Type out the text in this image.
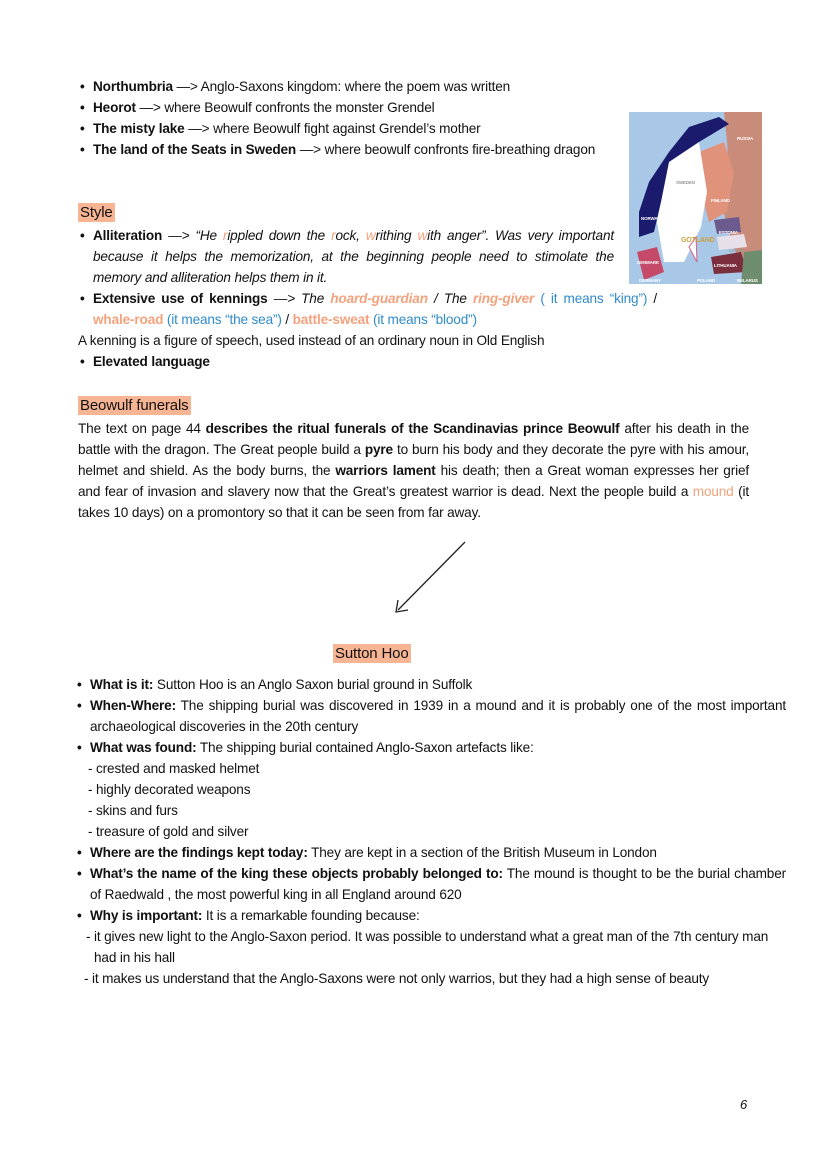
• Northumbria —> Anglo-Saxons kingdom: where the poem was written
• Heorot —> where Beowulf confronts the monster Grendel
• The misty lake —> where Beowulf fight against Grendel’s mother
• The land of the Seats in Sweden —> where beowulf confronts fire-breathing dragon
RUSSIA
SWEDEN
FINLAND
NORWAY
ESTONIA
GOTLAND
LATVIA
DENMARK
LITHUANIA
GERMANY	POLAND	BELARUS
Style
• Alliteration —> “He rippled down the rock, writhing with anger”. Was very important because it helps the memorization, at the beginning people need to stimolate the memory and alliteration helps them in it.
• Extensive use of kennings —> The hoard-guardian / The ring-giver ( it means “king”) / whale-road (it means “the sea”) / battle-sweat (it means “blood”)
A kenning is a figure of speech, used instead of an ordinary noun in Old English
• Elevated language
Beowulf funerals
The text on page 44 describes the ritual funerals of the Scandinavias prince Beowulf after his death in the battle with the dragon. The Great people build a pyre to burn his body and they decorate the pyre with his amour, helmet and shield. As the body burns, the warriors lament his death; then a Great woman expresses her grief and fear of invasion and slavery now that the Great’s greatest warrior is dead. Next the people build a mound (it takes 10 days) on a promontory so that it can be seen from far away.
Sutton Hoo
• What is it: Sutton Hoo is an Anglo Saxon burial ground in Suffolk
• When-Where: The shipping burial was discovered in 1939 in a mound and it is probably one of the most important archaeological discoveries in the 20th century
• What was found: The shipping burial contained Anglo-Saxon artefacts like:
- crested and masked helmet
- highly decorated weapons
- skins and furs
- treasure of gold and silver
• Where are the findings kept today: They are kept in a section of the British Museum in London
• What’s the name of the king these objects probably belonged to: The mound is thought to be the burial chamber of Raedwald , the most powerful king in all England around 620
• Why is important: It is a remarkable founding because:
- it gives new light to the Anglo-Saxon period. It was possible to understand what a great man of the 7th century man had in his hall
- it makes us understand that the Anglo-Saxons were not only warrios, but they had a high sense of beauty
6
